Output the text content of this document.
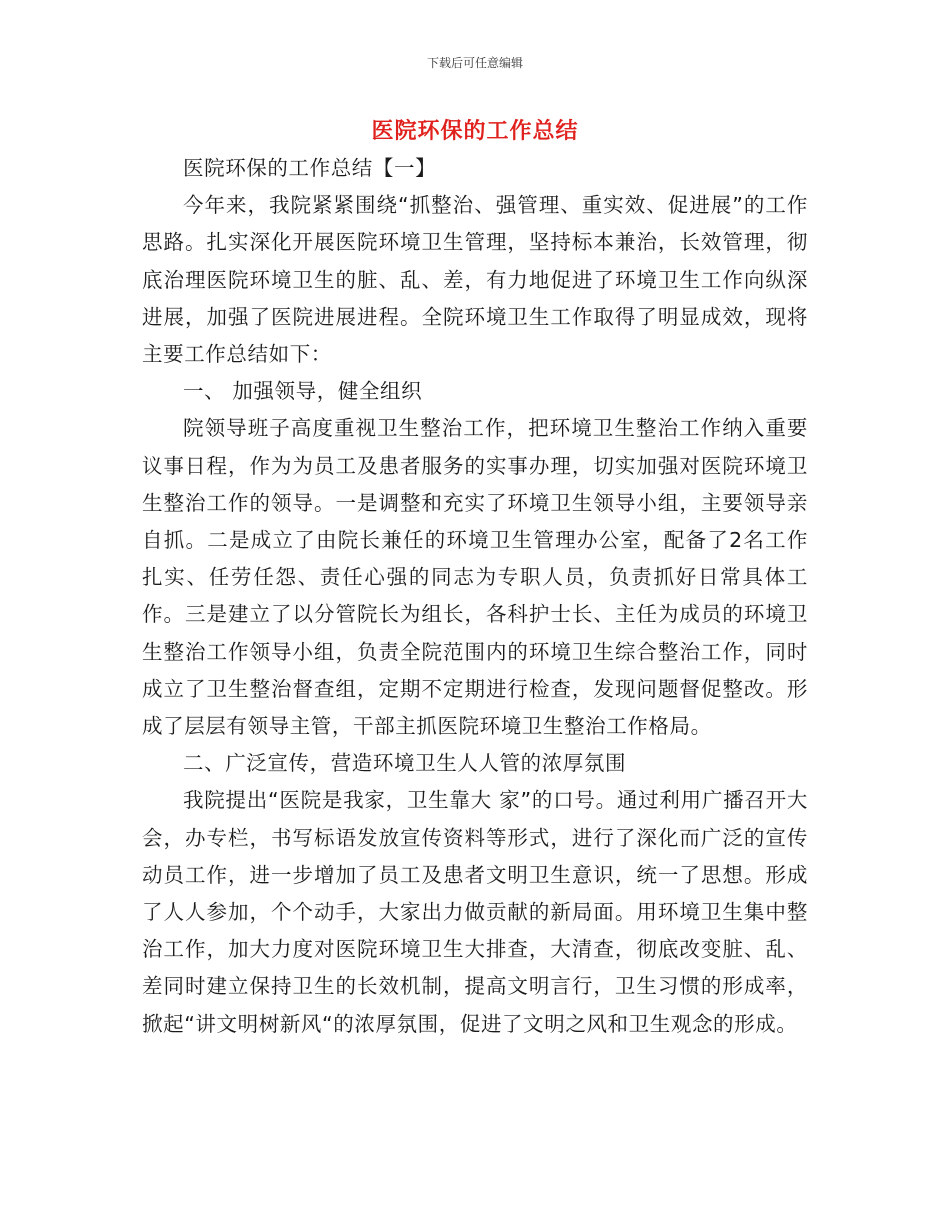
下载后可任意编辑
医院环保的工作总结

医院环保的工作总结【一】

今年来，我院紧紧围绕“抓整治、强管理、重实效、促进展”的工作思路。扎实深化开展医院环境卫生管理，坚持标本兼治，长效管理，彻底治理医院环境卫生的脏、乱、差，有力地促进了环境卫生工作向纵深进展，加强了医院进展进程。全院环境卫生工作取得了明显成效，现将主要工作总结如下：

一、 加强领导，健全组织

院领导班子高度重视卫生整治工作，把环境卫生整治工作纳入重要议事日程，作为为员工及患者服务的实事办理，切实加强对医院环境卫生整治工作的领导。一是调整和充实了环境卫生领导小组，主要领导亲自抓。二是成立了由院长兼任的环境卫生管理办公室，配备了2名工作扎实、任劳任怨、责任心强的同志为专职人员，负责抓好日常具体工作。三是建立了以分管院长为组长，各科护士长、主任为成员的环境卫生整治工作领导小组，负责全院范围内的环境卫生综合整治工作，同时成立了卫生整治督查组，定期不定期进行检查，发现问题督促整改。形成了层层有领导主管，干部主抓医院环境卫生整治工作格局。

二、广泛宣传，营造环境卫生人人管的浓厚氛围

我院提出“医院是我家，卫生靠大 家”的口号。通过利用广播召开大会，办专栏，书写标语发放宣传资料等形式，进行了深化而广泛的宣传动员工作，进一步增加了员工及患者文明卫生意识，统一了思想。形成了人人参加，个个动手，大家出力做贡献的新局面。用环境卫生集中整治工作，加大力度对医院环境卫生大排查，大清查，彻底改变脏、乱、差同时建立保持卫生的长效机制，提高文明言行，卫生习惯的形成率，掀起“讲文明树新风“的浓厚氛围，促进了文明之风和卫生观念的形成。
